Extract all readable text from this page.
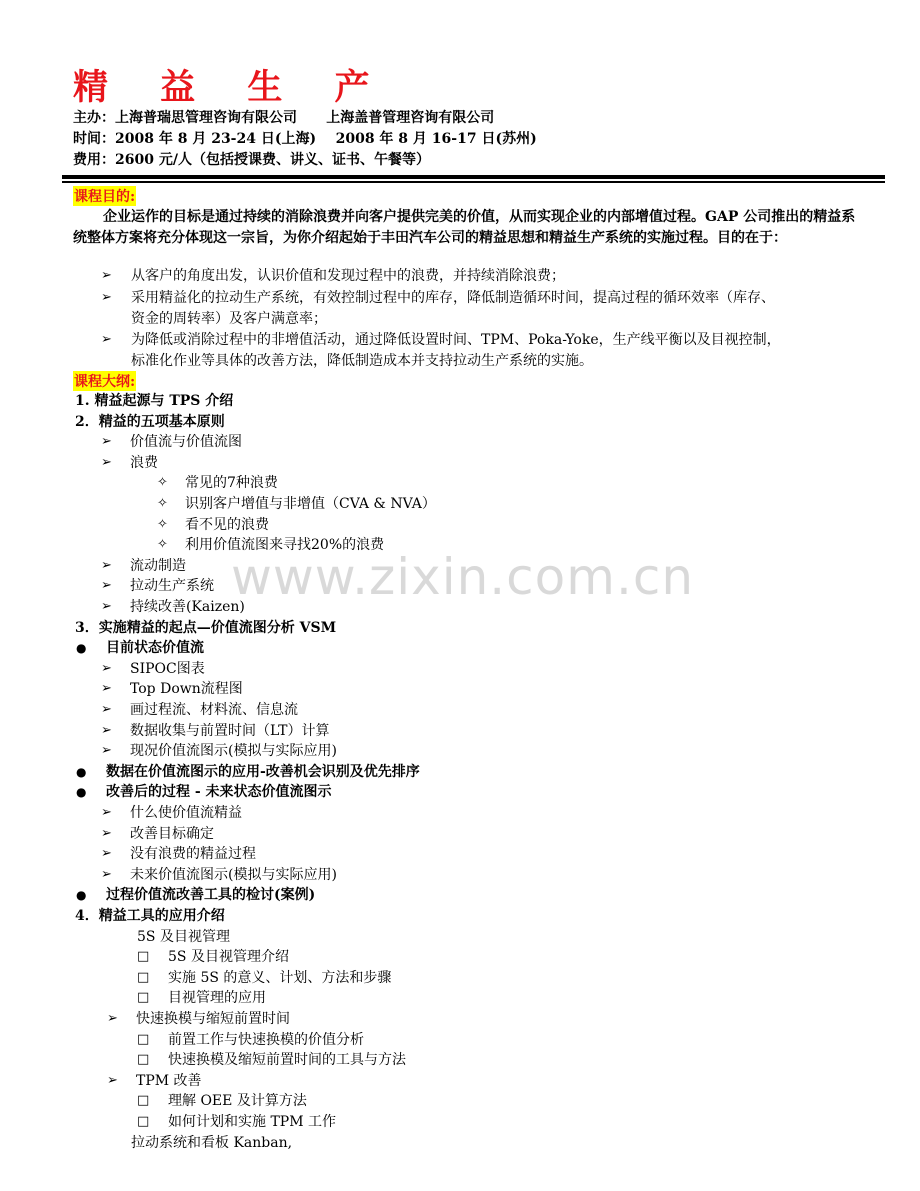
精 益 生 产
主办：上海普瑞思管理咨询有限公司      上海盖普管理咨询有限公司
时间：2008 年 8 月 23-24 日(上海)    2008 年 8 月 16-17 日(苏州)
费用：2600 元/人（包括授课费、讲义、证书、午餐等）
课程目的:
企业运作的目标是通过持续的消除浪费并向客户提供完美的价值，从而实现企业的内部增值过程。GAP 公司推出的精益系统整体方案将充分体现这一宗旨，为你介绍起始于丰田汽车公司的精益思想和精益生产系统的实施过程。目的在于：
➢ 从客户的角度出发，认识价值和发现过程中的浪费，并持续消除浪费；
➢ 采用精益化的拉动生产系统，有效控制过程中的库存，降低制造循环时间，提高过程的循环效率（库存、
资金的周转率）及客户满意率；
➢ 为降低或消除过程中的非增值活动，通过降低设置时间、TPM、Poka-Yoke，生产线平衡以及目视控制，
标准化作业等具体的改善方法，降低制造成本并支持拉动生产系统的实施。
课程大纲:
1. 精益起源与 TPS 介绍
2．精益的五项基本原则
➢ 价值流与价值流图
➢ 浪费
✧ 常见的7种浪费
✧ 识别客户增值与非增值（CVA & NVA）
✧ 看不见的浪费
✧ 利用价值流图来寻找20%的浪费
➢ 流动制造
➢ 拉动生产系统
➢ 持续改善(Kaizen)
3．实施精益的起点—价值流图分析 VSM
● 目前状态价值流
➢ SIPOC图表
➢ Top Down流程图
➢ 画过程流、材料流、信息流
➢ 数据收集与前置时间（LT）计算
➢ 现况价值流图示(模拟与实际应用)
● 数据在价值流图示的应用-改善机会识别及优先排序
● 改善后的过程 - 未来状态价值流图示
➢ 什么使价值流精益
➢ 改善目标确定
➢ 没有浪费的精益过程
➢ 未来价值流图示(模拟与实际应用)
● 过程价值流改善工具的检讨(案例)
4．精益工具的应用介绍
5S 及目视管理
□ 5S 及目视管理介绍
□ 实施 5S 的意义、计划、方法和步骤
□ 目视管理的应用
➢ 快速换模与缩短前置时间
□ 前置工作与快速换模的价值分析
□ 快速换模及缩短前置时间的工具与方法
➢ TPM 改善
□ 理解 OEE 及计算方法
□ 如何计划和实施 TPM 工作
拉动系统和看板 Kanban,
www.zixin.com.cn
